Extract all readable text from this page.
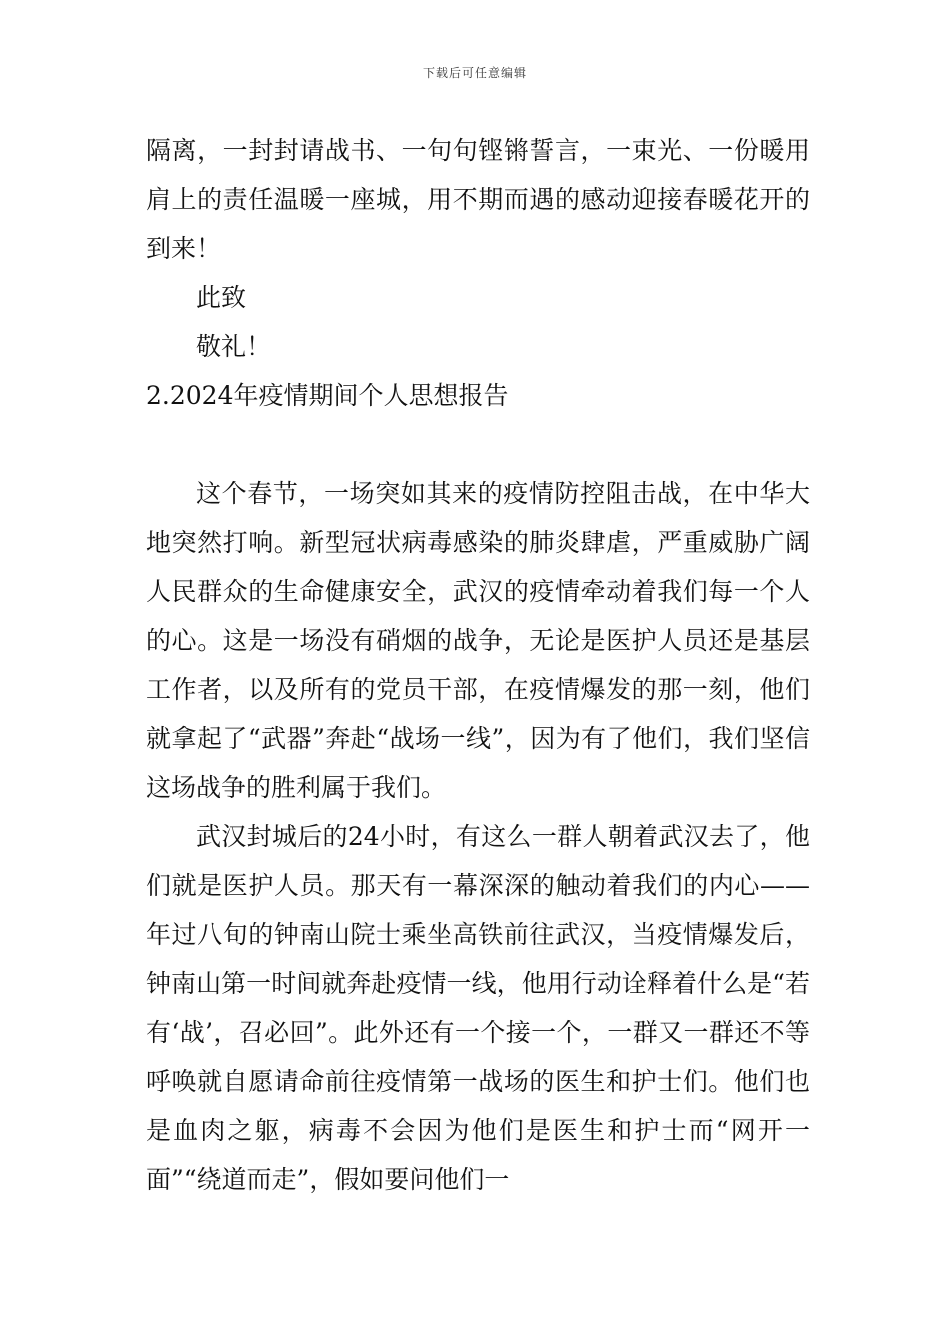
下载后可任意编辑

隔离，一封封请战书、一句句铿锵誓言，一束光、一份暖用肩上的责任温暖一座城，用不期而遇的感动迎接春暖花开的到来！

此致

敬礼！

2.2024年疫情期间个人思想报告

这个春节，一场突如其来的疫情防控阻击战，在中华大地突然打响。新型冠状病毒感染的肺炎肆虐，严重威胁广阔人民群众的生命健康安全，武汉的疫情牵动着我们每一个人的心。这是一场没有硝烟的战争，无论是医护人员还是基层工作者，以及所有的党员干部，在疫情爆发的那一刻，他们就拿起了“武器”奔赴“战场一线”，因为有了他们，我们坚信这场战争的胜利属于我们。

武汉封城后的24小时，有这么一群人朝着武汉去了，他们就是医护人员。那天有一幕深深的触动着我们的内心——年过八旬的钟南山院士乘坐高铁前往武汉，当疫情爆发后，钟南山第一时间就奔赴疫情一线，他用行动诠释着什么是“若有‘战’，召必回”。此外还有一个接一个，一群又一群还不等呼唤就自愿请命前往疫情第一战场的医生和护士们。他们也是血肉之躯，病毒不会因为他们是医生和护士而“网开一面”“绕道而走”，假如要问他们一
